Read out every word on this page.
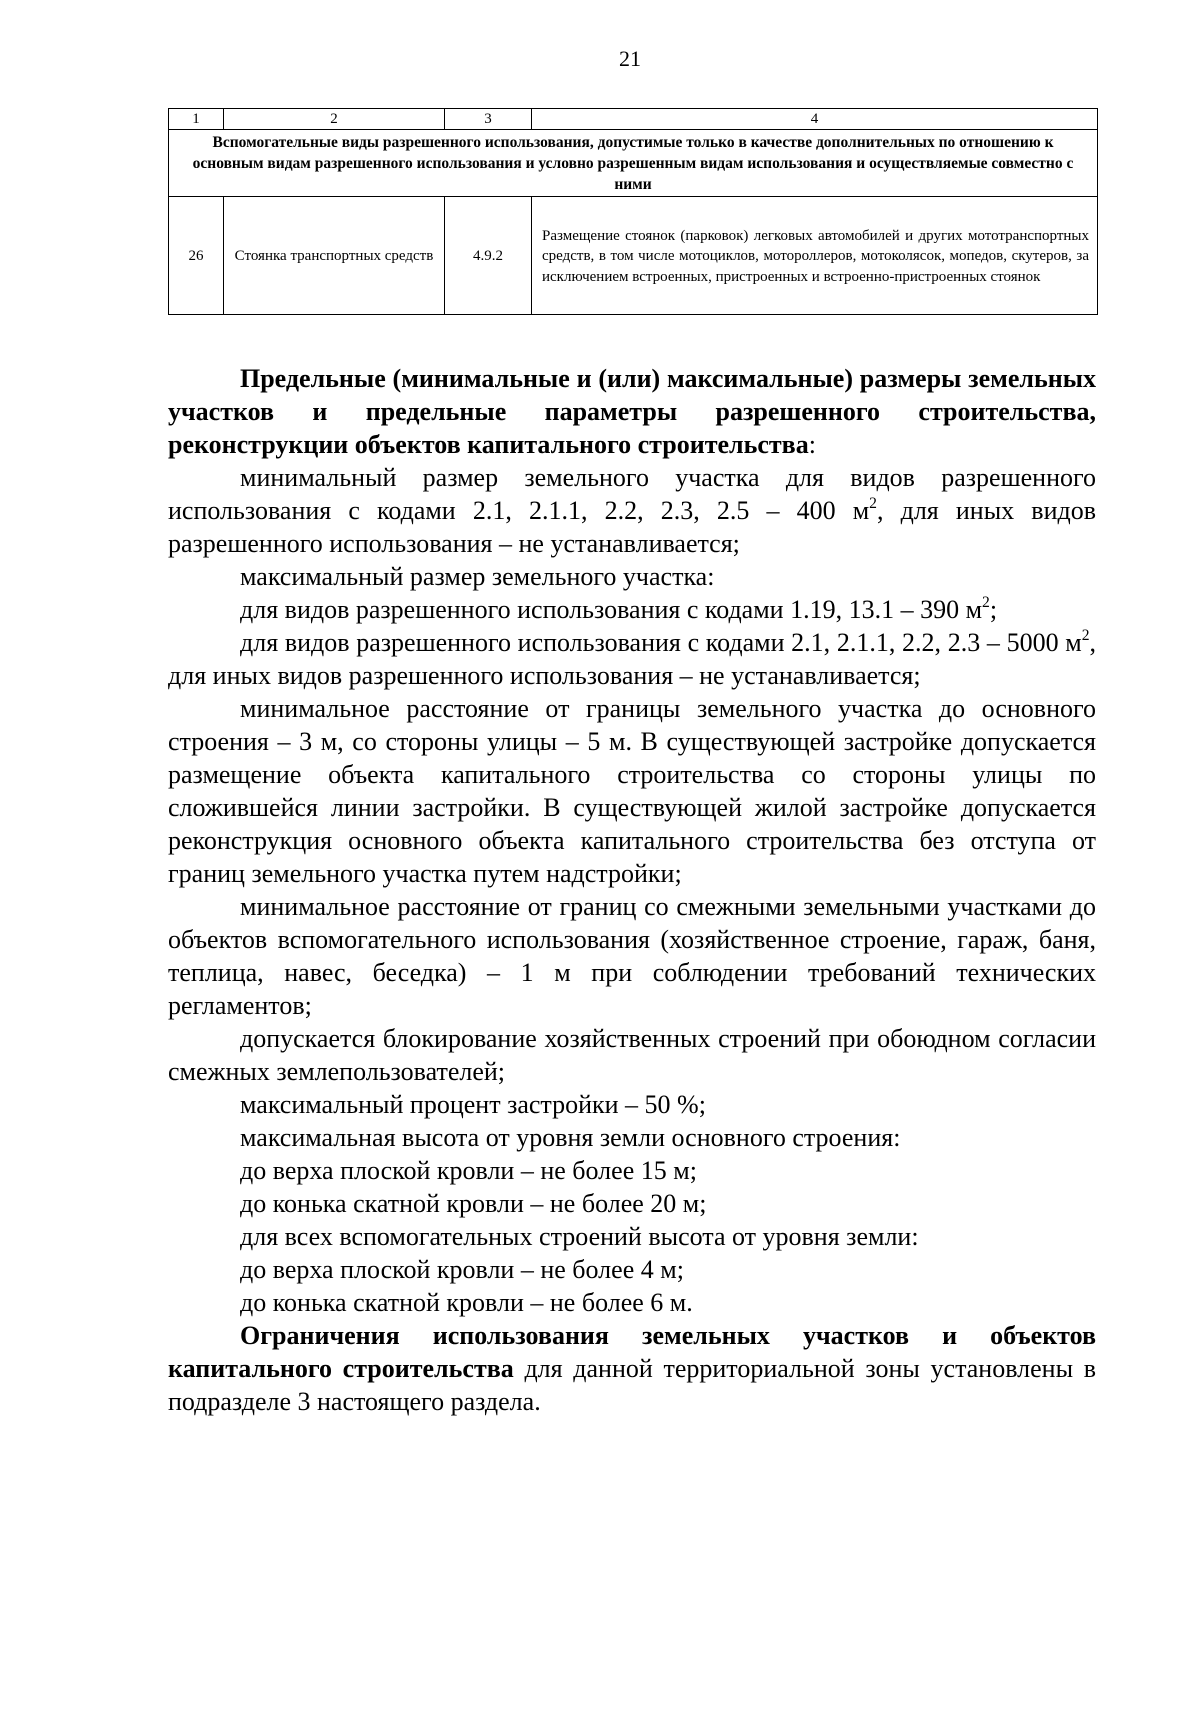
21
1	2	3	4
Вспомогательные виды разрешенного использования, допустимые только в качестве дополнительных по отношению к основным видам разрешенного использования и условно разрешенным видам использования и осуществляемые совместно с ними			
26	Стоянка транспортных средств	4.9.2	Размещение стоянок (парковок) легковых автомобилей и других мототранспортных средств, в том числе мотоциклов, мотороллеров, мотоколясок, мопедов, скутеров, за исключением встроенных, пристроенных и встроенно-пристроенных стоянок

Предельные (минимальные и (или) максимальные) размеры земельных участков и предельные параметры разрешенного строительства, реконструкции объектов капитального строительства:

минимальный размер земельного участка для видов разрешенного использования с кодами 2.1, 2.1.1, 2.2, 2.3, 2.5 – 400 $м^2$, для иных видов разрешенного использования – не устанавливается;

максимальный размер земельного участка:

для видов разрешенного использования с кодами 1.19, 13.1 – 390 $м^2$;

для видов разрешенного использования с кодами 2.1, 2.1.1, 2.2, 2.3 – 5000 $м^2$, для иных видов разрешенного использования – не устанавливается;

минимальное расстояние от границы земельного участка до основного строения – 3 м, со стороны улицы – 5 м. В существующей застройке допускается размещение объекта капитального строительства со стороны улицы по сложившейся линии застройки. В существующей жилой застройке допускается реконструкция основного объекта капитального строительства без отступа от границ земельного участка путем надстройки;

минимальное расстояние от границ со смежными земельными участками до объектов вспомогательного использования (хозяйственное строение, гараж, баня, теплица, навес, беседка) – 1 м при соблюдении требований технических регламентов;

допускается блокирование хозяйственных строений при обоюдном согласии смежных землепользователей;

максимальный процент застройки – 50 %;

максимальная высота от уровня земли основного строения:

до верха плоской кровли – не более 15 м;

до конька скатной кровли – не более 20 м;

для всех вспомогательных строений высота от уровня земли:

до верха плоской кровли – не более 4 м;

до конька скатной кровли – не более 6 м.

Ограничения использования земельных участков и объектов капитального строительства для данной территориальной зоны установлены в подразделе 3 настоящего раздела.
